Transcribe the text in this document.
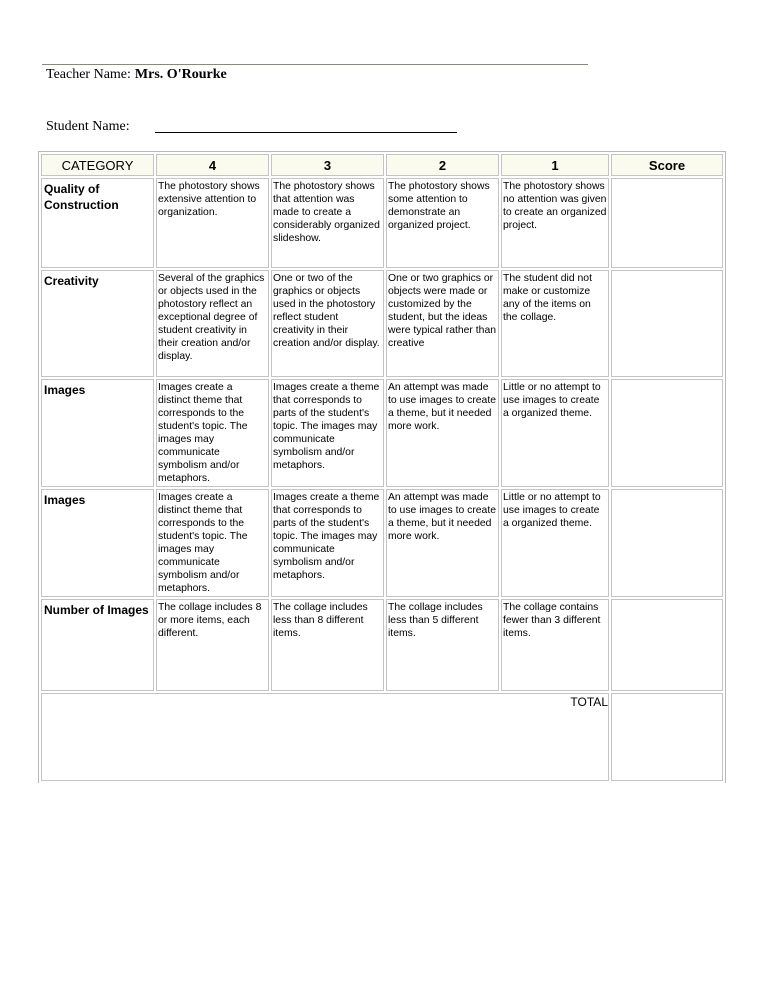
Teacher Name: Mrs. O'Rourke
Student Name:
CATEGORY	4	3	2	1	Score
Quality of Construction	The photostory shows extensive attention to organization.	The photostory shows that attention was made to create a considerably organized slideshow.	The photostory shows some attention to demonstrate an organized project.	The photostory shows no attention was given to create an organized project.	
Creativity	Several of the graphics or objects used in the photostory reflect an exceptional degree of student creativity in their creation and/or display.	One or two of the graphics or objects used in the photostory reflect student creativity in their creation and/or display.	One or two graphics or objects were made or customized by the student, but the ideas were typical rather than creative	The student did not make or customize any of the items on the collage.	
Images	Images create a distinct theme that corresponds to the student's topic. The images may communicate symbolism and/or metaphors.	Images create a theme that corresponds to parts of the student's topic. The images may communicate symbolism and/or metaphors.	An attempt was made to use images to create a theme, but it needed more work.	Little or no attempt to use images to create a organized theme.	
Images	Images create a distinct theme that corresponds to the student's topic. The images may communicate symbolism and/or metaphors.	Images create a theme that corresponds to parts of the student's topic. The images may communicate symbolism and/or metaphors.	An attempt was made to use images to create a theme, but it needed more work.	Little or no attempt to use images to create a organized theme.	
Number of Images	The collage includes 8 or more items, each different.	The collage includes less than 8 different items.	The collage includes less than 5 different items.	The collage contains fewer than 3 different items.	
TOTAL					
